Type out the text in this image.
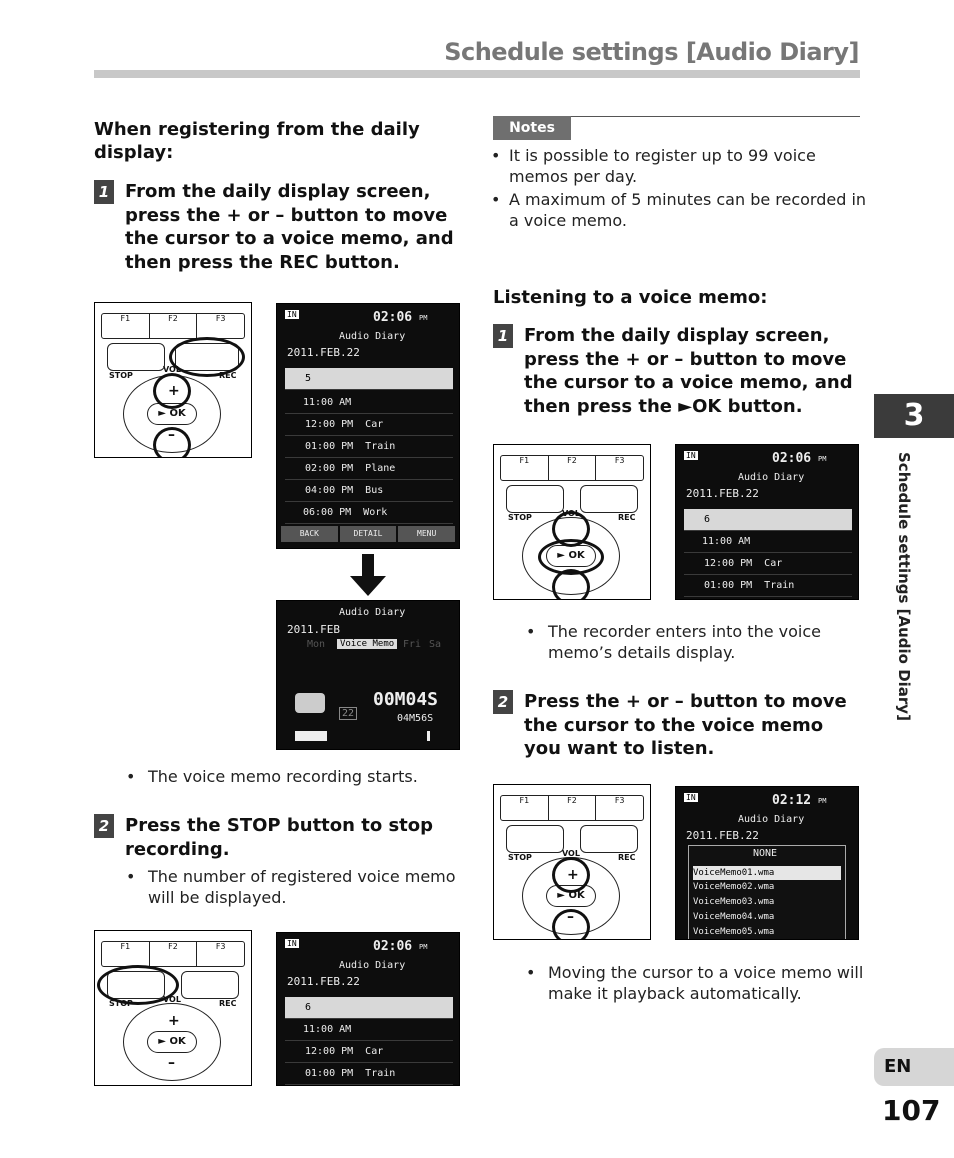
Schedule settings [Audio Diary]
When registering from the daily display:
1 From the daily display screen, press the + or – button to move the cursor to a voice memo, and then press the REC button.
F1	F2	F3
STOP	REC
VOL
► OK
+
–
IN	02:06 PM
Audio Diary
2011.FEB.22
5
11:00 AM
12:00 PM Car
01:00 PM Train
02:00 PM Plane
04:00 PM Bus
06:00 PM Work
BACK	DETAIL	MENU
Audio Diary
2011.FEB
Mon	Fri Sa
Voice Memo
00M04S
04M56S
22
• The voice memo recording starts.
2 Press the STOP button to stop recording.
• The number of registered voice memo will be displayed.
F1	F2	F3
STOP	REC
VOL
► OK
+
–
IN	02:06 PM
Audio Diary
2011.FEB.22
6
11:00 AM
12:00 PM Car
01:00 PM Train
Notes
• It is possible to register up to 99 voice memos per day.
• A maximum of 5 minutes can be recorded in a voice memo.
Listening to a voice memo:
1 From the daily display screen, press the + or – button to move the cursor to a voice memo, and then press the ►OK button.
F1	F2	F3
STOP	REC
VOL
► OK
IN	02:06 PM
Audio Diary
2011.FEB.22
6
11:00 AM
12:00 PM Car
01:00 PM Train
• The recorder enters into the voice memo’s details display.
2 Press the + or – button to move the cursor to the voice memo you want to listen.
F1	F2	F3
STOP	REC
VOL
► OK
+
–
IN	02:12 PM
Audio Diary
2011.FEB.22
NONE
VoiceMemo01.wma
VoiceMemo02.wma
VoiceMemo03.wma
VoiceMemo04.wma
VoiceMemo05.wma
• Moving the cursor to a voice memo will make it playback automatically.
3
Schedule settings [Audio Diary]
EN
107
